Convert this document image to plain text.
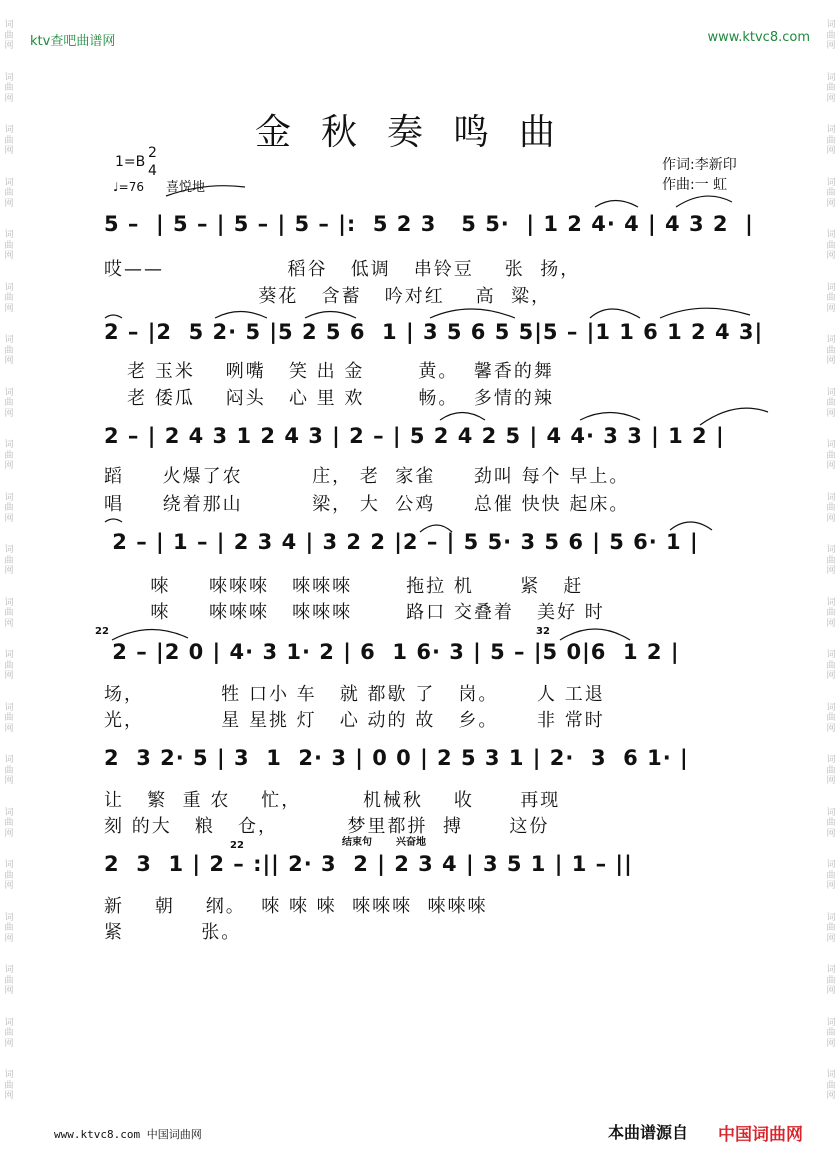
词
曲
网

词
曲
网

词
曲
网

词
曲
网

词
曲
网

词
曲
网

词
曲
网

词
曲
网

词
曲
网

词
曲
网

词
曲
网

词
曲
网

词
曲
网

词
曲
网

词
曲
网

词
曲
网

词
曲
网

词
曲
网

词
曲
网

词
曲
网

词
曲
网
词
曲
网

词
曲
网

词
曲
网

词
曲
网

词
曲
网

词
曲
网

词
曲
网

词
曲
网

词
曲
网

词
曲
网

词
曲
网

词
曲
网

词
曲
网

词
曲
网

词
曲
网

词
曲
网

词
曲
网

词
曲
网

词
曲
网

词
曲
网

词
曲
网
ktv查吧曲谱网	www.ktvc8.com
金秋奏鸣曲
1=B
2
4
♩=76 喜悦地
作词:李新印
作曲:一 虹
5 –  | 5 – | 5 – | 5 – |:  5 2 3   5 5·  | 1 2 4· 4 | 4 3 2  |
哎——                稻谷   低调   串铃豆    张  扬，
葵花   含蓄   吟对红    高  粱，
2 – |2  5 2· 5 |5 2 5 6  1 | 3 5 6 5 5|5 – |1 1 6 1 2 4 3|
老 玉米    咧嘴   笑 出 金       黄。  馨香的舞
老 倭瓜    闷头   心 里 欢       畅。  多情的辣
2 – | 2 4 3 1 2 4 3 | 2 – | 5 2 4 2 5 | 4 4· 3 3 | 1 2 |
蹈     火爆了农         庄， 老  家雀     劲叫 每个 早上。
唱     绕着那山         梁， 大  公鸡     总催 快快 起床。
2 – | 1 – | 2 3 4 | 3 2 2 |2 – | 5 5· 3 5 6 | 5 6· 1 |
唻     唻唻唻   唻唻唻       拖拉 机      紧   赶
唻     唻唻唻   唻唻唻       路口 交叠着   美好 时
22	32
2 – |2 0 | 4· 3 1· 2 | 6  1 6· 3 | 5 – |5 0|6  1 2 |
场，          牲 口小 车   就 都歇 了   岗。     人 工退
光，          星 星挑 灯   心 动的 故   乡。     非 常时
2  3 2· 5 | 3  1  2· 3 | 0 0 | 2 5 3 1 | 2·  3  6 1· |
让   繁  重 农    忙，        机械秋    收      再现
刻 的大   粮   仓，         梦里都拼  搏      这份
结束句 兴奋地
22
2  3  1 | 2 – :|| 2· 3  2 | 2 3 4 | 3 5 1 | 1 – ||
新    朝    纲。  唻 唻 唻  唻唻唻  唻唻唻
紧          张。
www.ktvc8.com 中国词曲网	本曲谱源自 中国词曲网
